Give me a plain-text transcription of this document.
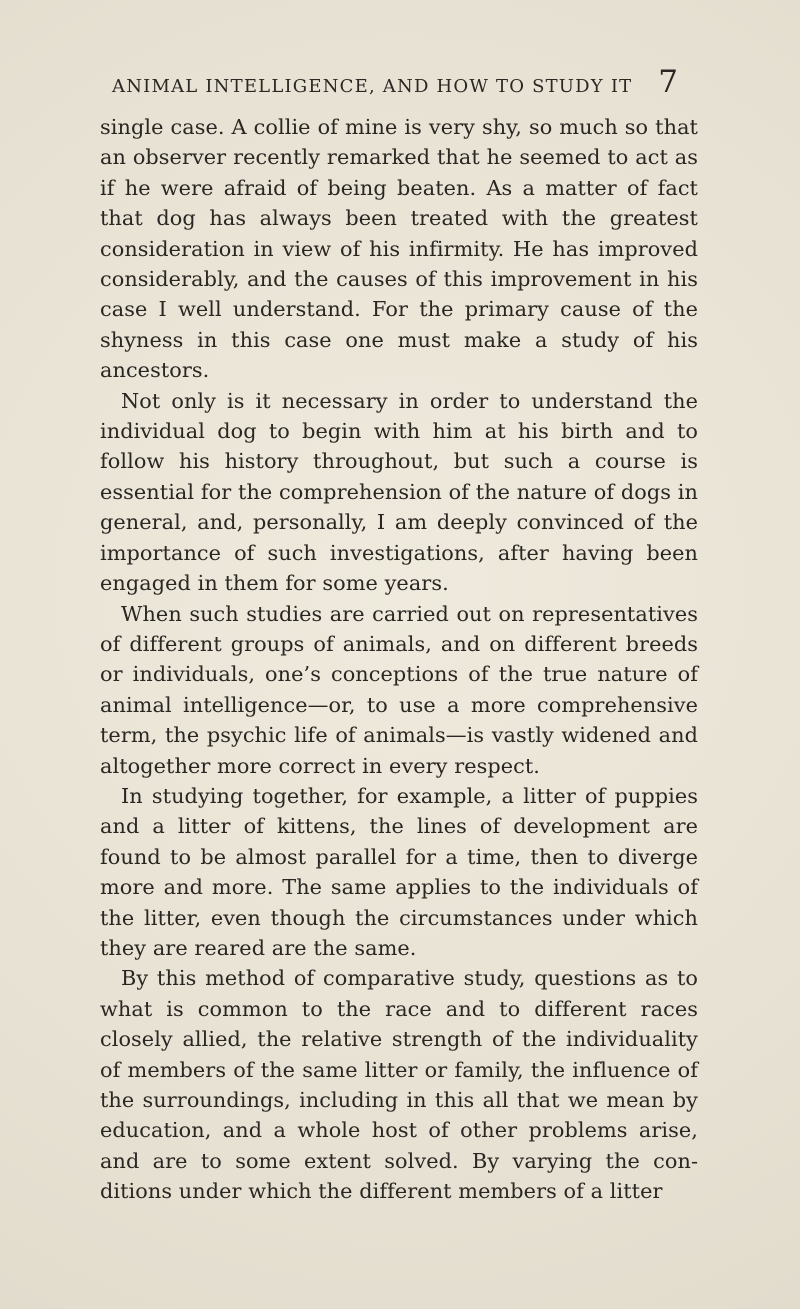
ANIMAL INTELLIGENCE, AND HOW TO STUDY IT 7

single case. A collie of mine is very shy, so much so that an observer recently remarked that he seemed to act as if he were afraid of being beaten. As a matter of fact that dog has always been treated with the greatest consideration in view of his infirmity. He has improved considerably, and the causes of this improvement in his case I well understand. For the primary cause of the shyness in this case one must make a study of his ancestors.

Not only is it necessary in order to understand the individual dog to begin with him at his birth and to follow his history throughout, but such a course is essential for the comprehension of the nature of dogs in general, and, personally, I am deeply convinced of the importance of such investigations, after having been engaged in them for some years.

When such studies are carried out on representatives of different groups of animals, and on different breeds or individuals, one’s conceptions of the true nature of animal intelligence—or, to use a more comprehensive term, the psychic life of animals—is vastly widened and altogether more correct in every respect.

In studying together, for example, a litter of puppies and a litter of kittens, the lines of development are found to be almost parallel for a time, then to diverge more and more. The same applies to the individuals of the litter, even though the circumstances under which they are reared are the same.

By this method of comparative study, questions as to what is common to the race and to different races closely allied, the relative strength of the individuality of members of the same litter or family, the influence of the surroundings, including in this all that we mean by education, and a whole host of other problems arise, and are to some extent solved. By varying the conditions under which the different members of a litter
